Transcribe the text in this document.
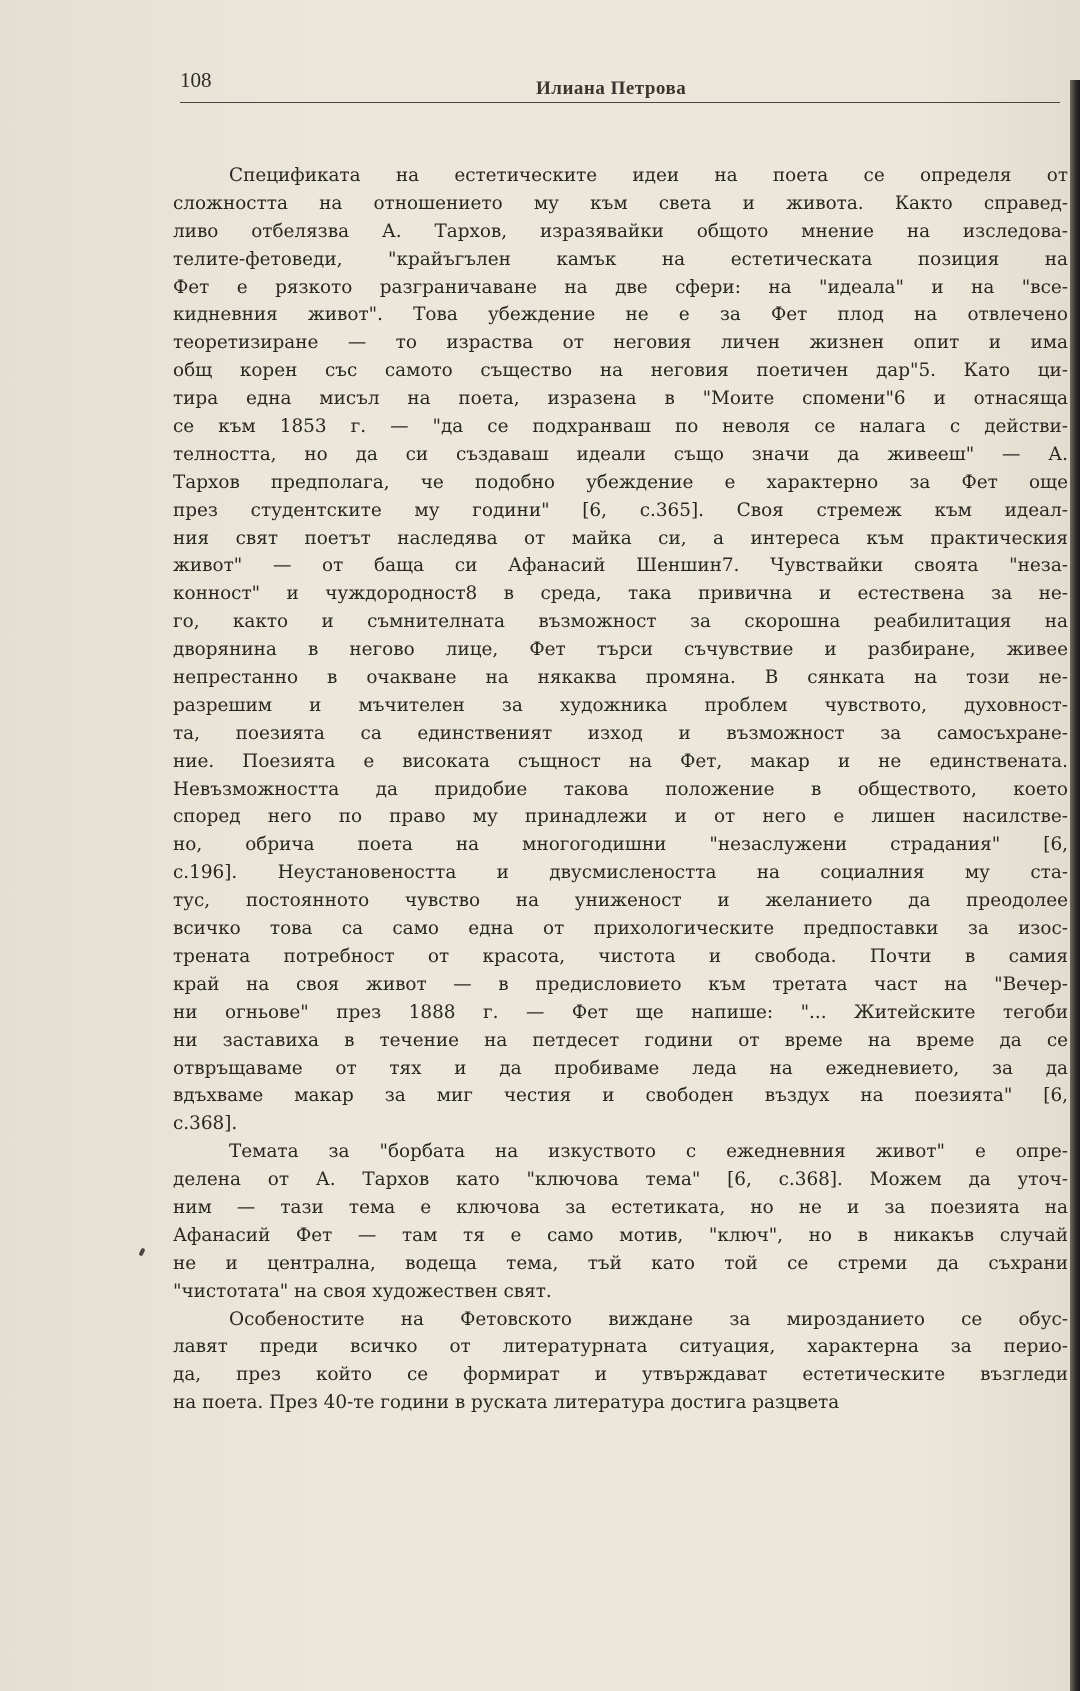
108	Илиана Петрова
Спецификата на естетическите идеи на поета се определя от
сложността на отношението му към света и живота. Както справед-
ливо отбелязва А. Тархов, изразявайки общото мнение на изследова-
телите-фетоведи, "крайъгълен камък на естетическата позиция на
Фет е рязкото разграничаване на две сфери: на "идеала" и на "все-
кидневния живот". Това убеждение не е за Фет плод на отвлечено
теоретизиране — то израства от неговия личен жизнен опит и има
общ корен със самото същество на неговия поетичен дар"5. Като ци-
тира една мисъл на поета, изразена в "Моите спомени"6 и отнасяща
се към 1853 г. — "да се подхранваш по неволя се налага с действи-
телността, но да си създаваш идеали също значи да живееш" — А.
Тархов предполага, че подобно убеждение е характерно за Фет още
през студентските му години" [6, с.365]. Своя стремеж към идеал-
ния свят поетът наследява от майка си, а интереса към практическия
живот" — от баща си Афанасий Шеншин7. Чувствайки своята "неза-
конност" и чуждородност8 в среда, така привична и естествена за не-
го, както и съмнителната възможност за скорошна реабилитация на
дворянина в негово лице, Фет търси съчувствие и разбиране, живее
непрестанно в очакване на някаква промяна. В сянката на този не-
разрешим и мъчителен за художника проблем чувството, духовност-
та, поезията са единственият изход и възможност за самосъхране-
ние. Поезията е високата същност на Фет, макар и не единствената.
Невъзможността да придобие такова положение в обществото, което
според него по право му принадлежи и от него е лишен насилстве-
но, обрича поета на многогодишни "незаслужени страдания" [6,
с.196]. Неустановеността и двусмислеността на социалния му ста-
тус, постоянното чувство на униженост и желанието да преодолее
всичко това са само една от прихологическите предпоставки за изос-
трената потребност от красота, чистота и свобода. Почти в самия
край на своя живот — в предисловието към третата част на "Вечер-
ни огньове" през 1888 г. — Фет ще напише: "... Житейските тегоби
ни заставиха в течение на петдесет години от време на време да се
отвръщаваме от тях и да пробиваме леда на ежедневието, за да
вдъхваме макар за миг честия и свободен въздух на поезията" [6,
с.368].
Темата за "борбата на изкуството с ежедневния живот" е опре-
делена от А. Тархов като "ключова тема" [6, с.368]. Можем да уточ-
ним — тази тема е ключова за естетиката, но не и за поезията на
Афанасий Фет — там тя е само мотив, "ключ", но в никакъв случай
не и централна, водеща тема, тъй като той се стреми да съхрани
"чистотата" на своя художествен свят.
Особеностите на Фетовското виждане за мирозданието се обус-
лавят преди всичко от литературната ситуация, характерна за перио-
да, през който се формират и утвърждават естетическите възгледи
на поета. През 40-те години в руската литература достига разцвета
